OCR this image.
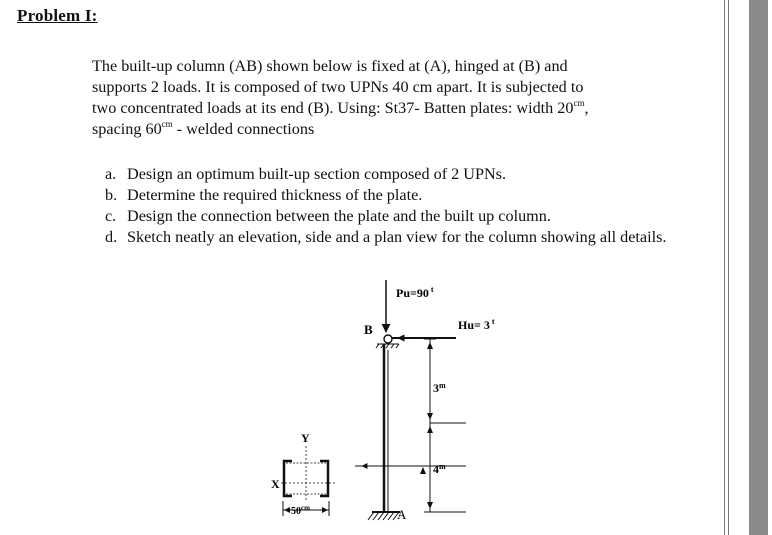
Problem I:

The built-up column (AB) shown below is fixed at (A), hinged at (B) and
supports 2 loads. It is composed of two UPNs 40 cm apart. It is subjected to
two concentrated loads at its end (B). Using: St37- Batten plates: width $20^{cm}$,
spacing $60^{cm}$ - welded connections

a. Design an optimum built-up section composed of 2 UPNs.
b. Determine the required thickness of the plate.
c. Design the connection between the plate and the built up column.
d. Sketch neatly an elevation, side and a plan view for the column showing all details.
Pu=90 $^t$
B	Hu= 3 $^t$
A
3$^m$
4$^m$
Y
X
$50^{cm}$
